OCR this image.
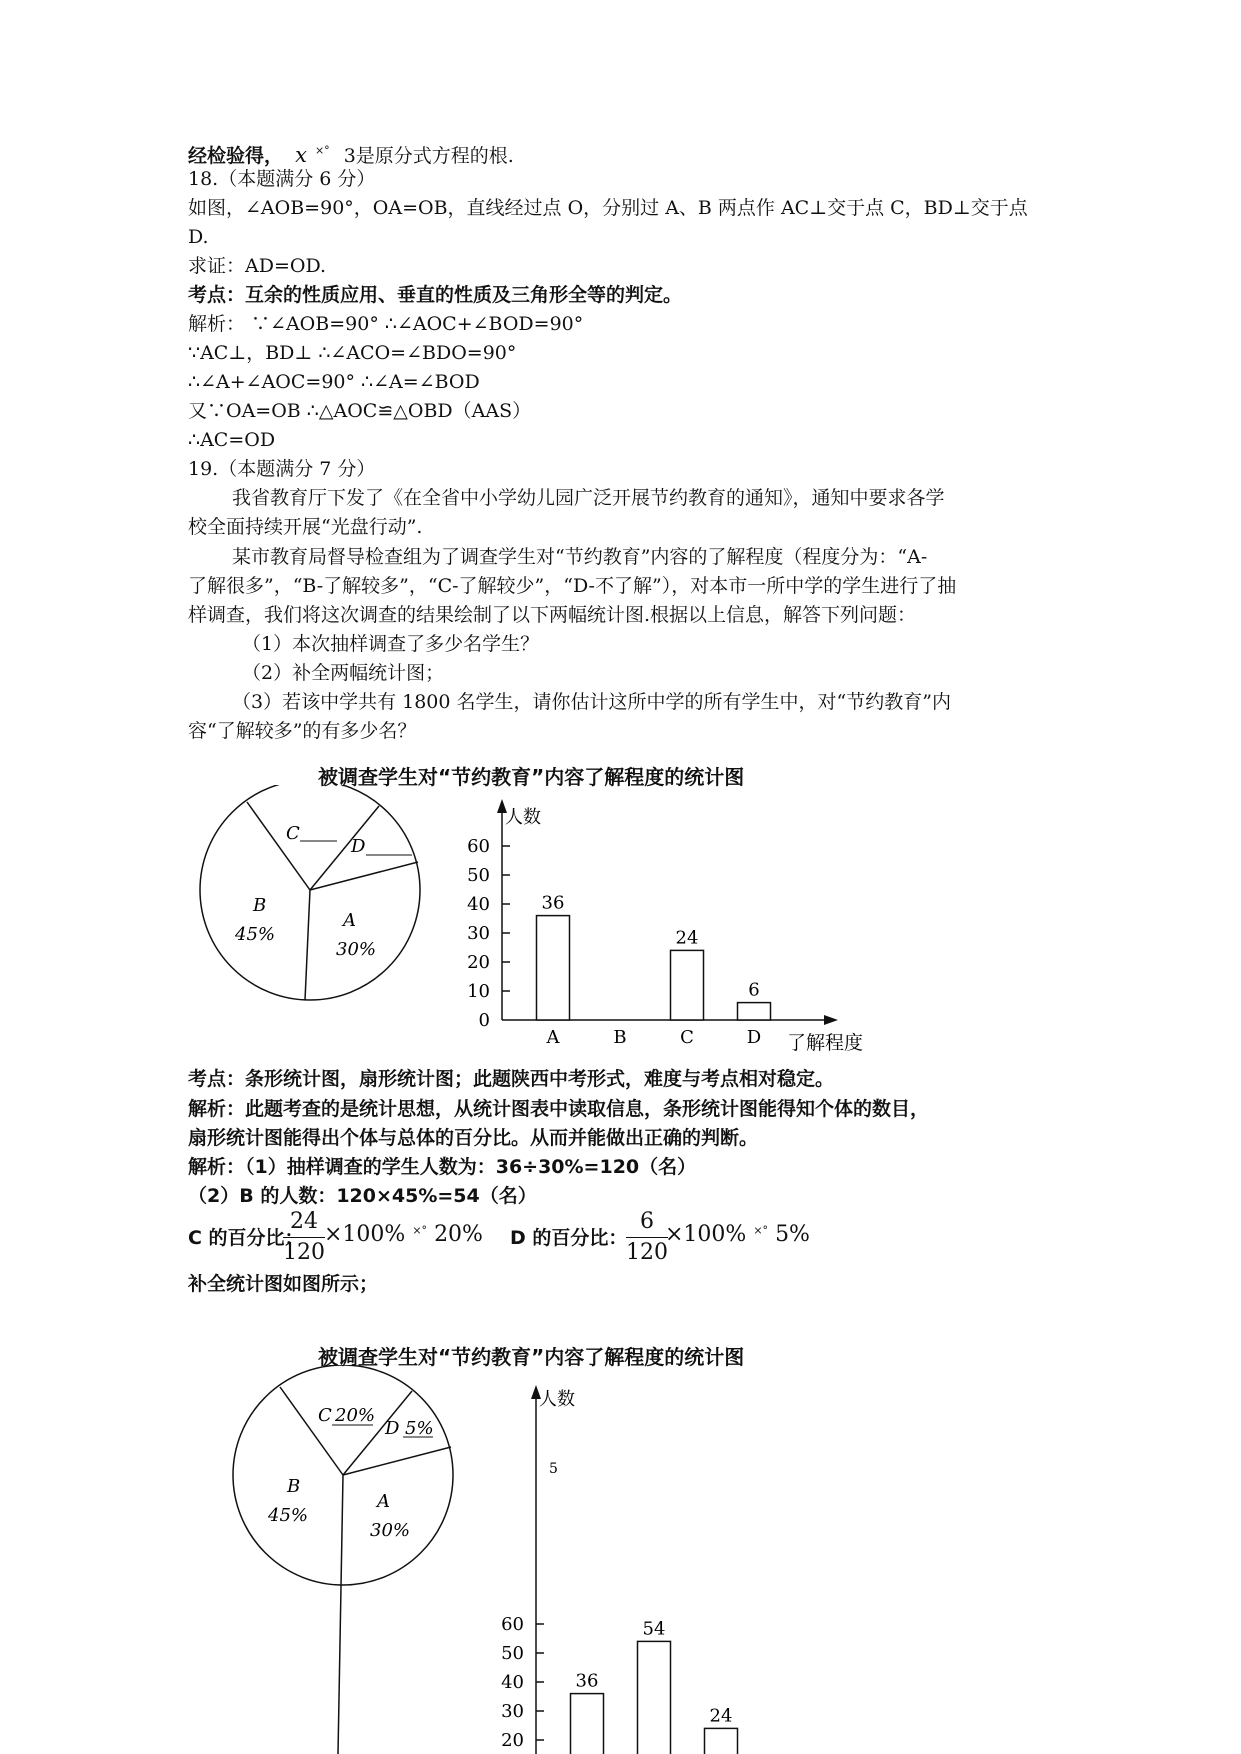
经检验得， x ×° 3是原分式方程的根.
18.（本题满分 6 分）
如图，∠AOB=90°，OA=OB，直线经过点 O，分别过 A、B 两点作 AC⊥交于点 C，BD⊥交于点
D.
求证：AD=OD.
考点：互余的性质应用、垂直的性质及三角形全等的判定。
解析： ∵∠AOB=90° ∴∠AOC+∠BOD=90°
∵AC⊥，BD⊥ ∴∠ACO=∠BDO=90°
∴∠A+∠AOC=90° ∴∠A=∠BOD
又∵OA=OB ∴△AOC≌△OBD（AAS）
∴AC=OD
19.（本题满分 7 分）
我省教育厅下发了《在全省中小学幼儿园广泛开展节约教育的通知》，通知中要求各学
校全面持续开展“光盘行动”.
某市教育局督导检查组为了调查学生对“节约教育”内容的了解程度（程度分为：“A-
了解很多”，“B-了解较多”，“C-了解较少”，“D-不了解”），对本市一所中学的学生进行了抽
样调查，我们将这次调查的结果绘制了以下两幅统计图.根据以上信息，解答下列问题：
（1）本次抽样调查了多少名学生？
（2）补全两幅统计图；
（3）若该中学共有 1800 名学生，请你估计这所中学的所有学生中，对“节约教育”内
容“了解较多”的有多少名？
被调查学生对“节约教育”内容了解程度的统计图
C
D
B
45%
A
30%
人数
了解程度
0
10
20
30
40
50
60
A
36
B	C
24
D
6
考点：条形统计图，扇形统计图；此题陕西中考形式，难度与考点相对稳定。
解析：此题考查的是统计思想，从统计图表中读取信息，条形统计图能得知个体的数目，
扇形统计图能得出个体与总体的百分比。从而并能做出正确的判断。
解析：（1）抽样调查的学生人数为：36÷30%=120（名）
（2）B 的人数：120×45%=54（名）
C 的百分比：
$\frac{24}{120} \times 100\%$ ×° 20% D 的百分比：
$\frac{6}{120}$
×100% ×° 5%
补全统计图如图所示；
被调查学生对“节约教育”内容了解程度的统计图
C 20%
D 5%
B
45%
A
30%
人数
5
20
30
40
50
60
36
54
24
